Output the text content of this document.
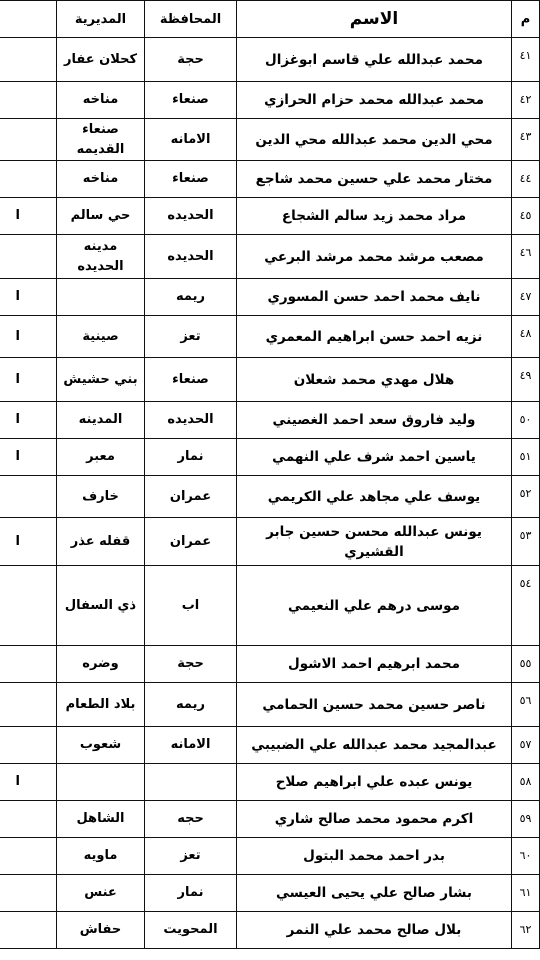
م	الاسم	المحافظة	المديرية	
٤١	محمد عبدالله علي قاسم ابوغزال	حجة	كحلان عفار	
٤٢	محمد عبدالله محمد حزام الحرازي	صنعاء	مناخه	
٤٣	محي الدين محمد عبدالله محي الدين	الامانه	صنعاء القديمه	
٤٤	مختار محمد علي حسين محمد شاجع	صنعاء	مناخه	
٤٥	مراد محمد زيد سالم الشجاع	الحديده	حي سالم	ا
٤٦	مصعب مرشد محمد مرشد البرعي	الحديده	مدينه الحديده	
٤٧	نايف محمد احمد حسن المسوري	ريمه		ا
٤٨	نزيه احمد حسن ابراهيم المعمري	تعز	صينية	ا
٤٩	هلال مهدي محمد شعلان	صنعاء	بني حشيش	ا
٥٠	وليد فاروق سعد احمد الغصيني	الحديده	المدينه	ا
٥١	ياسين احمد شرف علي النهمي	نمار	معبر	ا
٥٢	يوسف علي مجاهد علي الكريمي	عمران	خارف	
٥٣	يونس عبدالله محسن حسين جابر القشيري	عمران	قفله عذر	ا
٥٤	موسى درهم علي النعيمي	اب	ذي السفال	
٥٥	محمد ابرهيم احمد الاشول	حجة	وضره	
٥٦	ناصر حسين محمد حسين الحمامي	ريمه	بلاد الطعام	
٥٧	عبدالمجيد محمد عبدالله علي الضبيبي	الامانه	شعوب	
٥٨	يونس عبده علي ابراهيم صلاح			ا
٥٩	اكرم محمود محمد صالح شاري	حجه	الشاهل	
٦٠	بدر احمد محمد البتول	تعز	ماويه	
٦١	بشار صالح علي يحيى العيسي	نمار	عنس	
٦٢	بلال صالح محمد علي النمر	المحويت	حفاش	
